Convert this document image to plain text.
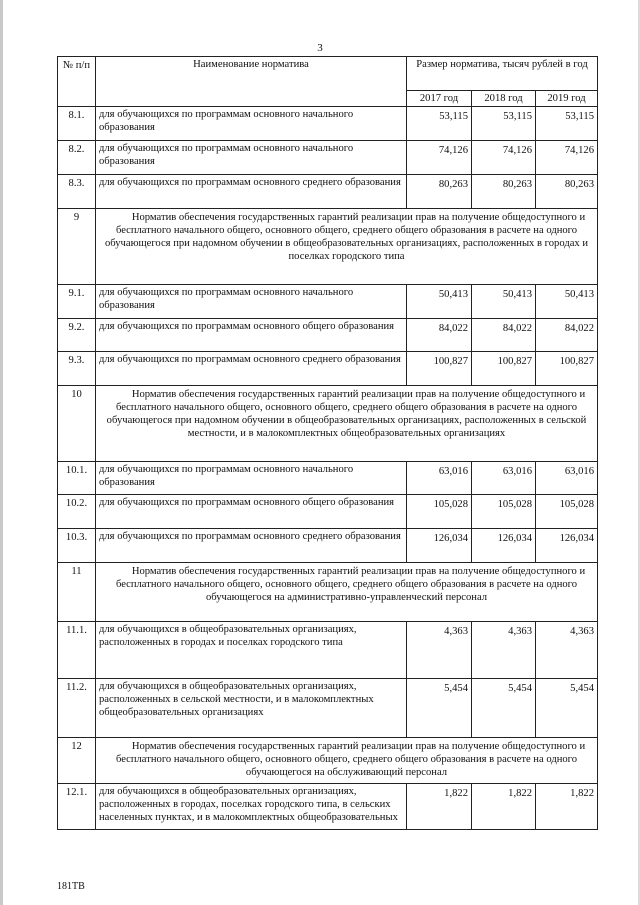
3
№ п/п	Наименование норматива	Размер норматива, тысяч рублей в год		
		2017 год	2018 год	2019 год
8.1.	для обучающихся по программам основного начального образования	53,115	53,115	53,115
8.2.	для обучающихся по программам основного начального образования	74,126	74,126	74,126
8.3.	для обучающихся по программам основного среднего образования	80,263	80,263	80,263
9	Норматив обеспечения государственных гарантий реализации прав на получение общедоступного и бесплатного начального общего, основного общего, среднего общего образования в расчете на одного обучающегося при надомном обучении в общеобразовательных организациях, расположенных в городах и поселках городского типа			
9.1.	для обучающихся по программам основного начального образования	50,413	50,413	50,413
9.2.	для обучающихся по программам основного общего образования	84,022	84,022	84,022
9.3.	для обучающихся по программам основного среднего образования	100,827	100,827	100,827
10	Норматив обеспечения государственных гарантий реализации прав на получение общедоступного и бесплатного начального общего, основного общего, среднего общего образования в расчете на одного обучающегося при надомном обучении в общеобразовательных организациях, расположенных в сельской местности, и в малокомплектных общеобразовательных организациях			
10.1.	для обучающихся по программам основного начального образования	63,016	63,016	63,016
10.2.	для обучающихся по программам основного общего образования	105,028	105,028	105,028
10.3.	для обучающихся по программам основного среднего образования	126,034	126,034	126,034
11	Норматив обеспечения государственных гарантий реализации прав на получение общедоступного и бесплатного начального общего, основного общего, среднего общего образования в расчете на одного обучающегося на административно-управленческий персонал			
11.1.	для обучающихся в общеобразовательных организациях, расположенных в городах и поселках городского типа	4,363	4,363	4,363
11.2.	для обучающихся в общеобразовательных организациях, расположенных в сельской местности, и в малокомплектных общеобразовательных организациях	5,454	5,454	5,454
12	Норматив обеспечения государственных гарантий реализации прав на получение общедоступного и бесплатного начального общего, основного общего, среднего общего образования в расчете на одного обучающегося на обслуживающий персонал			
12.1.	для обучающихся в общеобразовательных организациях, расположенных в городах, поселках городского типа, в сельских населенных пунктах, и в малокомплектных общеобразовательных	1,822	1,822	1,822
181ТВ
